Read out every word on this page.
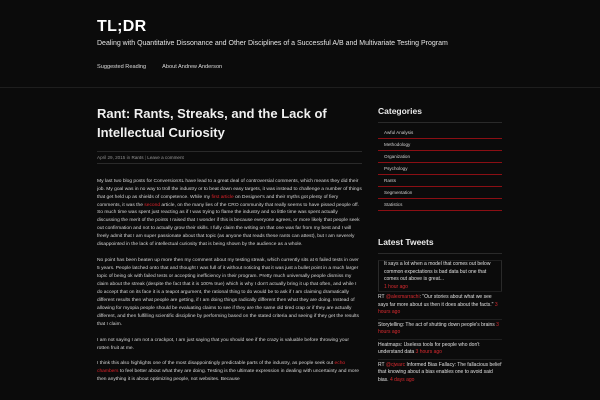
TL;DR
Dealing with Quantitative Dissonance and Other Disciplines of a Successful A/B and Multivariate Testing Program
Suggested Reading	About Andrew Anderson
Rant: Rants, Streaks, and the Lack of Intellectual Curiosity
April 29, 2015 in Rants | Leave a comment

My last two blog posts for ConversionXL have lead to a great deal of controversial comments, which means they did their job. My goal was in no way to troll the industry or to beat down easy targets, it was instead to challenge a number of things that get held up as shields of competence. While my first article on Designer's and their myths got plenty of fiery comments, it was the second article, on the many lies of the CRO community that really seems to have pissed people off. So much time was spent just reacting as if I was trying to flame the industry and so little time was spent actually discussing the merit of the points I raised that I wonder if this is because everyone agrees, or more likely that people seek out confirmation and not to actually grow their skills. I fully claim the writing on that one was far from my best and I will freely admit that I am super passionate about that topic (as anyone that reads these rants can attest), but I am severely disappointed in the lack of intellectual curiosity that is being shown by the audience as a whole.

No point has been beaten up more then my comment about my testing streak, which currently sits at 6 failed tests in over 5 years. People latched onto that and thought I was full of it without noticing that it was just a bullet point in a much larger topic of being ok with failed tests or accepting inefficiency in their program. Pretty much universally people dismiss my claim about the streak (despite the fact that it is 100% true) which is why I don't actually bring it up that often, and while I do accept that on its face it is a teapot argument, the rational thing to do would be to ask if I am claiming dramatically different results then what people are getting, if I am doing things radically different then what they are doing. Instead of allowing for myopia people should be evaluating claims to see if they are the same old tired crap or if they are actually different, and then fulfilling scientific discipline by performing based on the stated criteria and seeing if they get the results that I claim.

I am not saying I am not a crackpot, I am just saying that you should see if the crazy is valuable before throwing your rotten fruit at me.

I think this also highlights one of the most disappointingly predictable parts of the industry, as people seek out echo chambers to feel better about what they are doing. Testing is the ultimate expression in dealing with uncertainty and more then anything it is about optimizing people, not websites. Because

Categories
Awful Analysis
Methodology
Organization
Psychology
Rants
Segmentation
Statistics
Latest Tweets
It says a lot when a model that comes out below common expectations is bad data but one that comes out above is great...
1 hour ago
RT @alexmarrachi: "Our stories about what we see says far more about us then it does about the facts." 3 hours ago
Storytelling: The act of shutting down people's brains 3 hours ago
Heatmaps: Useless tools for people who don't understand data 3 hours ago
RT @cjwarc Informed Bias Fallacy: The fallacious belief that knowing about a bias enables one to avoid said bias. 4 days ago
